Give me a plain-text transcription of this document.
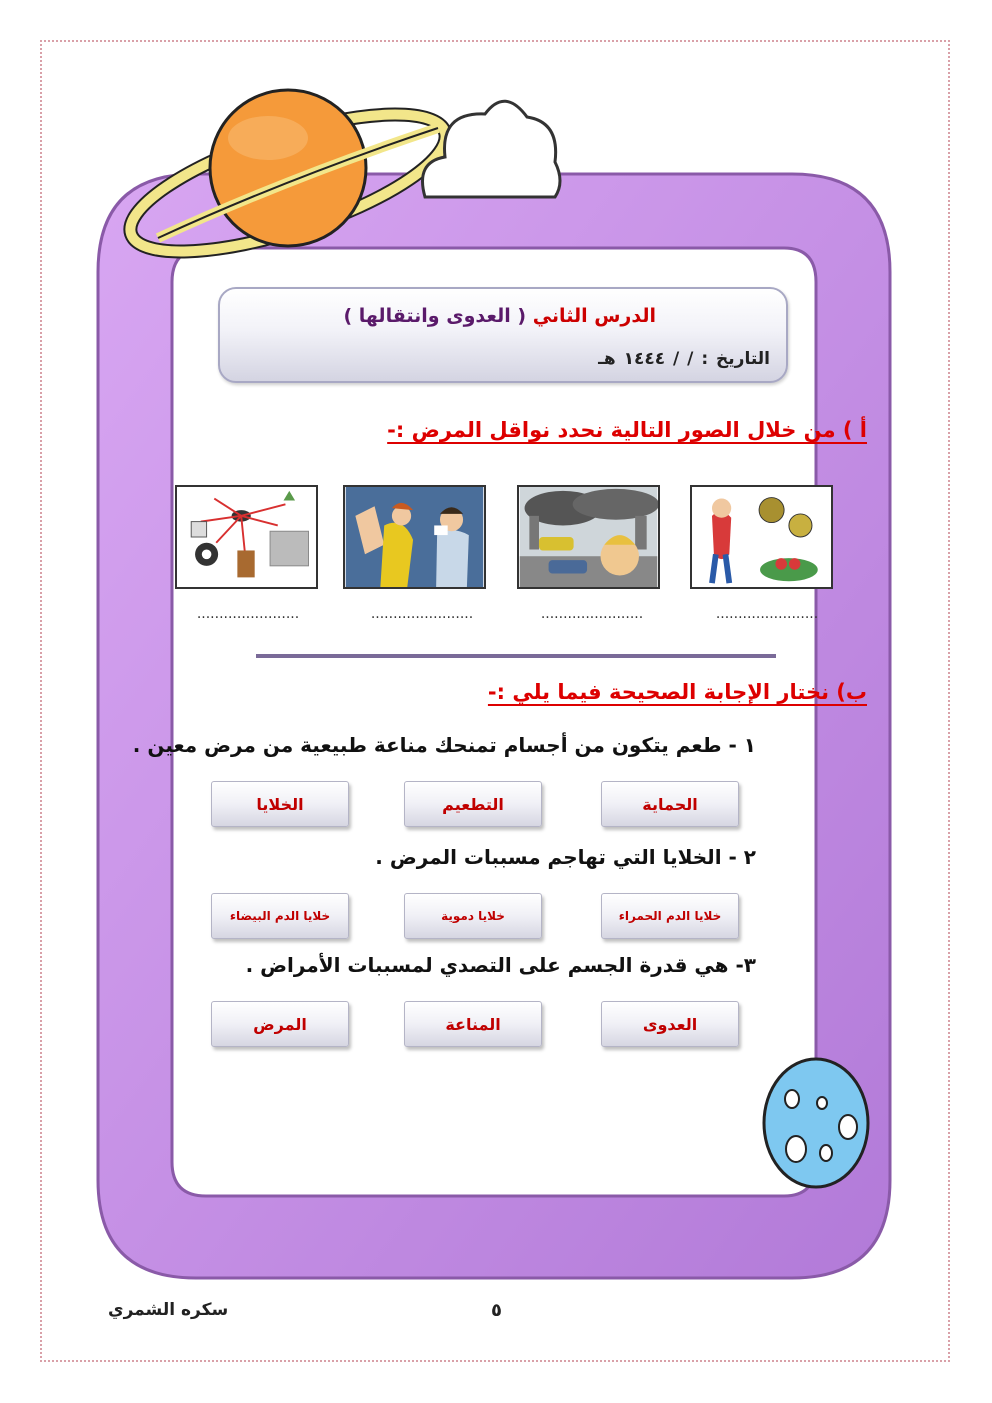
الدرس الثاني ( العدوى وانتقالها )
التاريخ : / / ١٤٤٤ هـ
أ ) من خلال الصور التالية نحدد نواقل المرض :-
.......................
.......................
.......................
.......................
ب) نختار الإجابة الصحيحة فيما يلي :-
١ - طعم يتكون من أجسام تمنحك مناعة طبيعية من مرض معين .
الحماية
التطعيم
الخلايا
٢ - الخلايا التي تهاجم مسببات المرض .
خلايا الدم الحمراء
خلايا دموية
خلايا الدم البيضاء
٣- هي قدرة الجسم على التصدي لمسببات الأمراض .
العدوى
المناعة
المرض
٥
سكره الشمري
